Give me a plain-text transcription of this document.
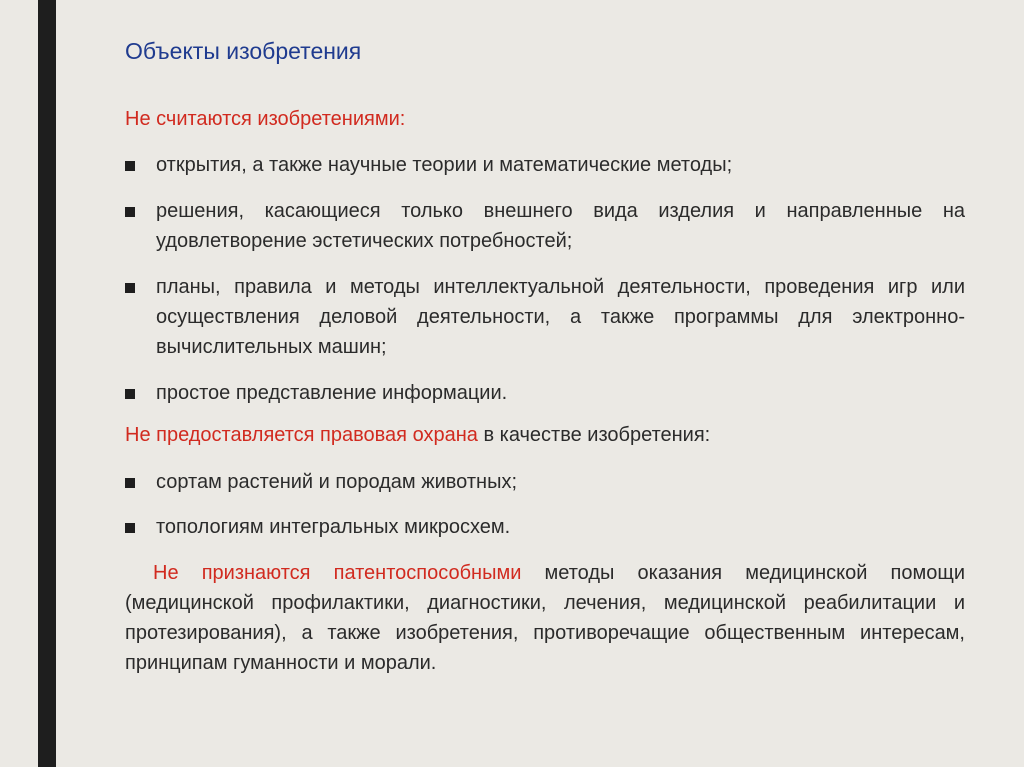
Объекты изобретения
Не считаются изобретениями:
открытия, а также научные теории и математические методы;
решения, касающиеся только внешнего вида изделия и направленные на удовлетворение эстетических потребностей;
планы, правила и методы интеллектуальной деятельности, проведения игр или осуществления деловой деятельности, а также программы для электронно-вычислительных машин;
простое представление информации.
Не предоставляется правовая охрана в качестве изобретения:
сортам растений и породам животных;
топологиям интегральных микросхем.
Не признаются патентоспособными методы оказания медицинской помощи (медицинской профилактики, диагностики, лечения, медицинской реабилитации и протезирования), а также изобретения, противоречащие общественным интересам, принципам гуманности и морали.
